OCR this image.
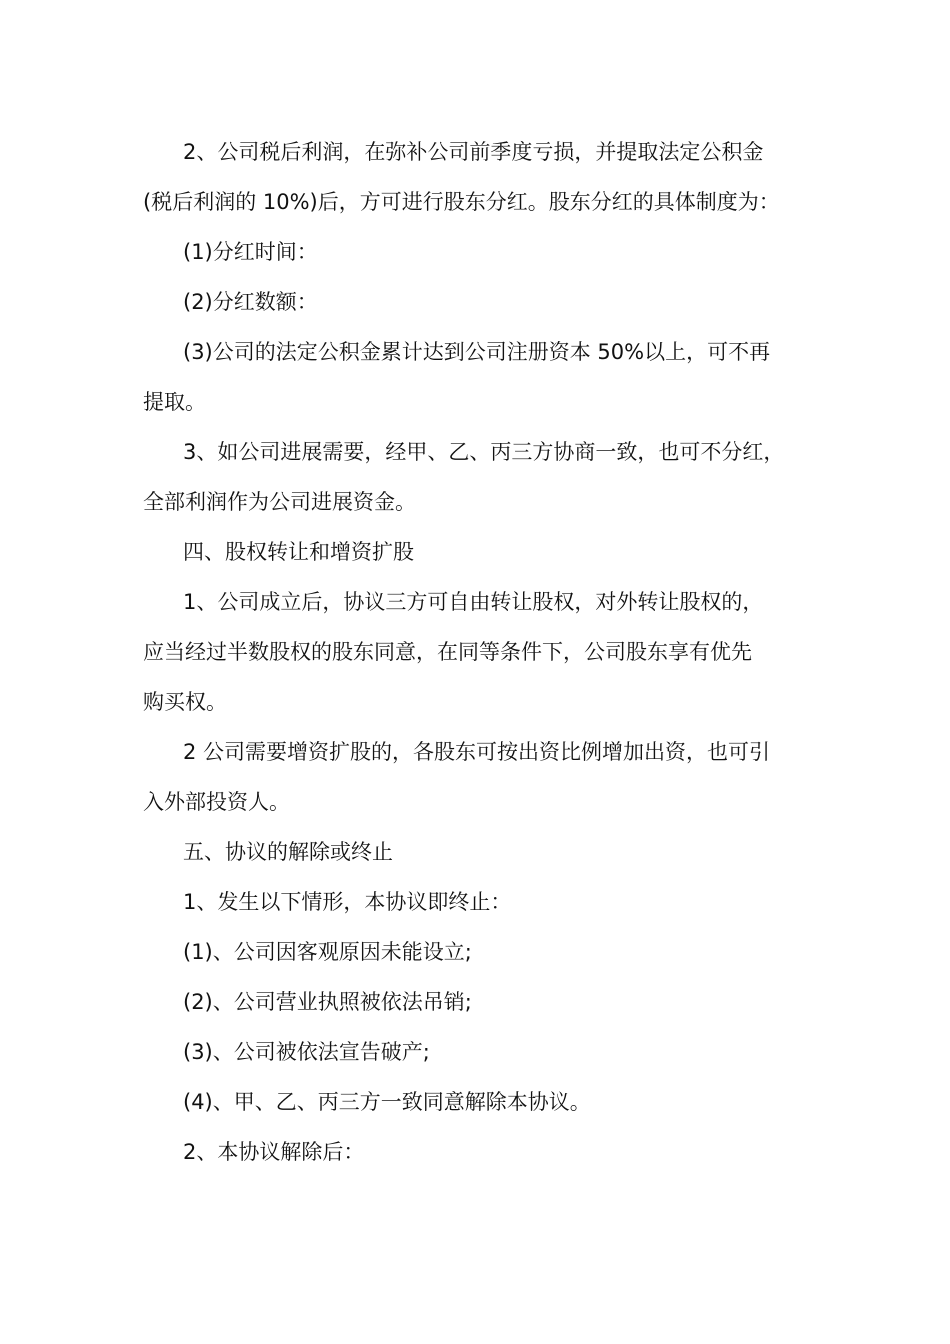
2、公司税后利润，在弥补公司前季度亏损，并提取法定公积金
(税后利润的 10%)后，方可进行股东分红。股东分红的具体制度为：

(1)分红时间：

(2)分红数额：

(3)公司的法定公积金累计达到公司注册资本 50%以上，可不再
提取。

3、如公司进展需要，经甲、乙、丙三方协商一致，也可不分红，
全部利润作为公司进展资金。

四、股权转让和增资扩股

1、公司成立后，协议三方可自由转让股权，对外转让股权的，
应当经过半数股权的股东同意，在同等条件下，公司股东享有优先
购买权。

2 公司需要增资扩股的，各股东可按出资比例增加出资，也可引
入外部投资人。

五、协议的解除或终止

1、发生以下情形，本协议即终止：

(1)、公司因客观原因未能设立;

(2)、公司营业执照被依法吊销;

(3)、公司被依法宣告破产;

(4)、甲、乙、丙三方一致同意解除本协议。

2、本协议解除后：
